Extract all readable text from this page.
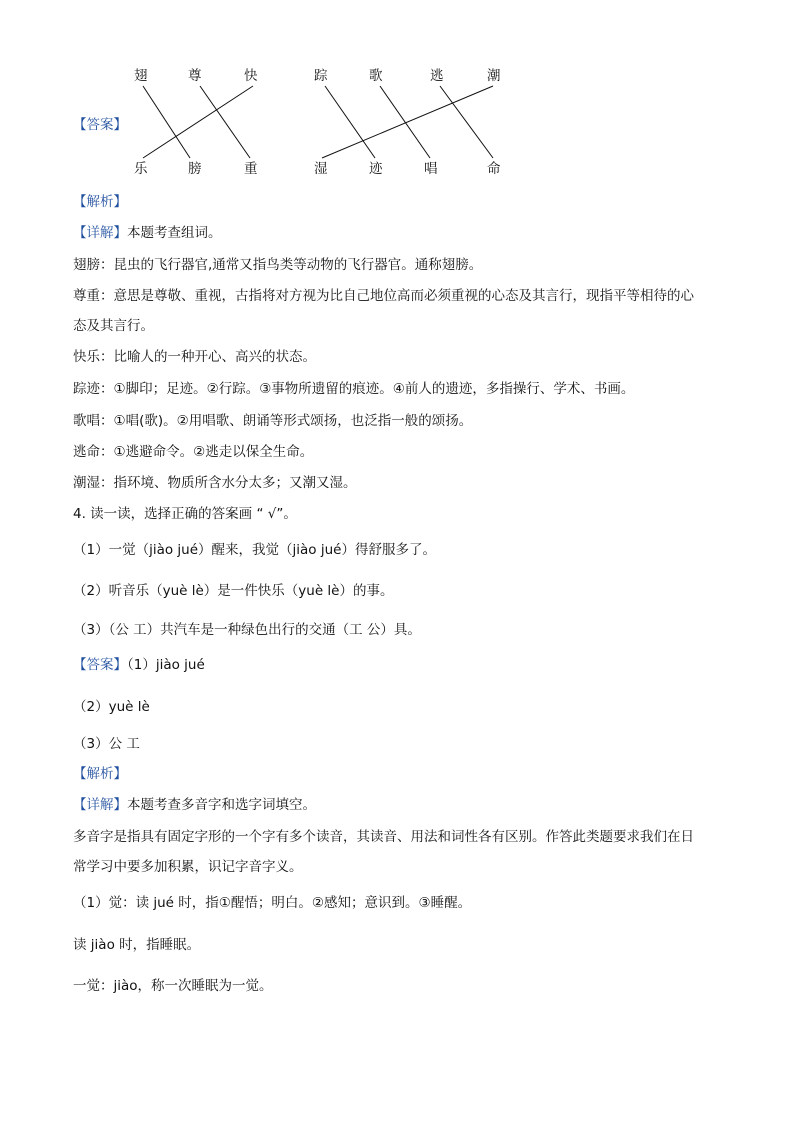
【答案】
翅	尊	快
乐	膀	重
踪	歌	逃	潮
湿	迹	唱	命
【解析】
【详解】本题考查组词。
翅膀：昆虫的飞行器官,通常又指鸟类等动物的飞行器官。通称翅膀。
尊重：意思是尊敬、重视，古指将对方视为比自己地位高而必须重视的心态及其言行，现指平等相待的心
态及其言行。
快乐：比喻人的一种开心、高兴的状态。
踪迹：①脚印；足迹。②行踪。③事物所遗留的痕迹。④前人的遗迹，多指操行、学术、书画。
歌唱：①唱(歌)。②用唱歌、朗诵等形式颂扬，也泛指一般的颂扬。
逃命：①逃避命令。②逃走以保全生命。
潮湿：指环境、物质所含水分太多；又潮又湿。
4. 读一读，选择正确的答案画 “ √”。
（1）一觉（jiào jué）醒来，我觉（jiào jué）得舒服多了。
（2）听音乐（yuè lè）是一件快乐（yuè lè）的事。
（3）（公 工）共汽车是一种绿色出行的交通（工 公）具。
【答案】（1）jiào jué
（2）yuè lè
（3）公 工
【解析】
【详解】本题考查多音字和选字词填空。
多音字是指具有固定字形的一个字有多个读音，其读音、用法和词性各有区别。作答此类题要求我们在日
常学习中要多加积累，识记字音字义。
（1）觉：读 jué 时，指①醒悟；明白。②感知；意识到。③睡醒。
读 jiào 时，指睡眠。
一觉：jiào，称一次睡眠为一觉。
